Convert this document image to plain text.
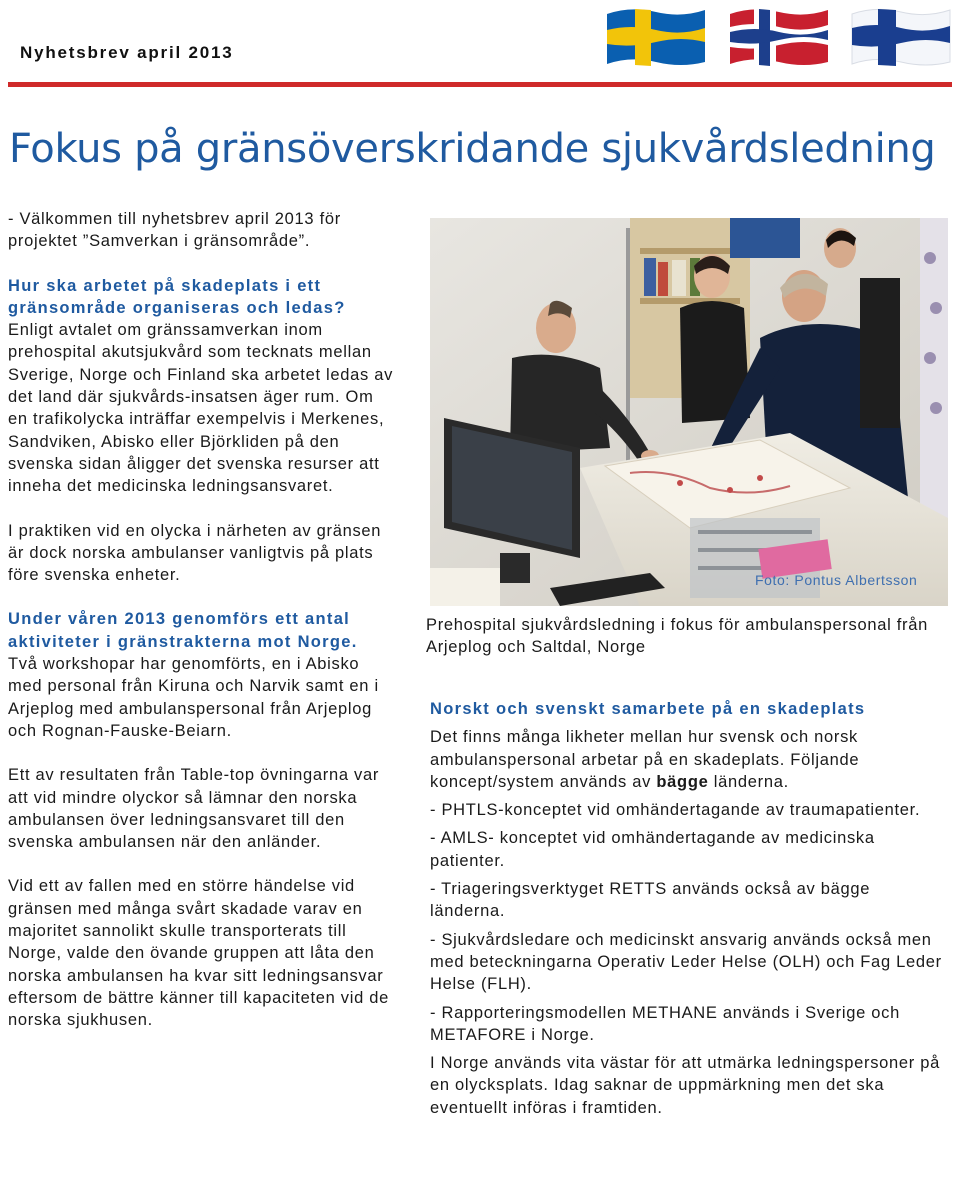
Nyhetsbrev april 2013
Fokus på gränsöverskridande sjukvårdsledning

- Välkommen till nyhetsbrev april 2013 för projektet ”Samverkan i gränsområde”.

Hur ska arbetet på skadeplats i ett gränsområde organiseras och ledas?

Enligt avtalet om gränssamverkan inom prehospital akutsjukvård som tecknats mellan Sverige, Norge och Finland ska arbetet ledas av det land där sjukvårds-insatsen äger rum. Om en trafikolycka inträffar exempelvis i Merkenes, Sandviken, Abisko eller Björkliden på den svenska sidan åligger det svenska resurser att inneha det medicinska ledningsansvaret.

I praktiken vid en olycka i närheten av gränsen är dock norska ambulanser vanligtvis på plats före svenska enheter.

Under våren 2013 genomförs ett antal aktiviteter i gränstrakterna mot Norge.

Två workshopar har genomförts, en i Abisko med personal från Kiruna och Narvik samt en i Arjeplog med ambulanspersonal från Arjeplog och Rognan-Fauske-Beiarn.

Ett av resultaten från Table-top övningarna var att vid mindre olyckor så lämnar den norska ambulansen över ledningsansvaret till den svenska ambulansen när den anländer.

Vid ett av fallen med en större händelse vid gränsen med många svårt skadade varav en majoritet sannolikt skulle transporterats till Norge, valde den övande gruppen att låta den norska ambulansen ha kvar sitt ledningsansvar eftersom de bättre känner till kapaciteten vid de norska sjukhusen.

Foto: Pontus Albertsson
Prehospital sjukvårdsledning i fokus för ambulanspersonal från Arjeplog och Saltdal, Norge

Norskt och svenskt samarbete på en skadeplats

Det finns många likheter mellan hur svensk och norsk ambulanspersonal arbetar på en skadeplats. Följande koncept/system används av bägge länderna.

- PHTLS-konceptet vid omhändertagande av traumapatienter.

- AMLS- konceptet vid omhändertagande av medicinska patienter.

- Triageringsverktyget RETTS används också av bägge länderna.

- Sjukvårdsledare och medicinskt ansvarig används också men med beteckningarna Operativ Leder Helse (OLH) och Fag Leder Helse (FLH).

- Rapporteringsmodellen METHANE används i Sverige och METAFORE i Norge.

I Norge används vita västar för att utmärka ledningspersoner på en olycksplats. Idag saknar de uppmärkning men det ska eventuellt införas i framtiden.
